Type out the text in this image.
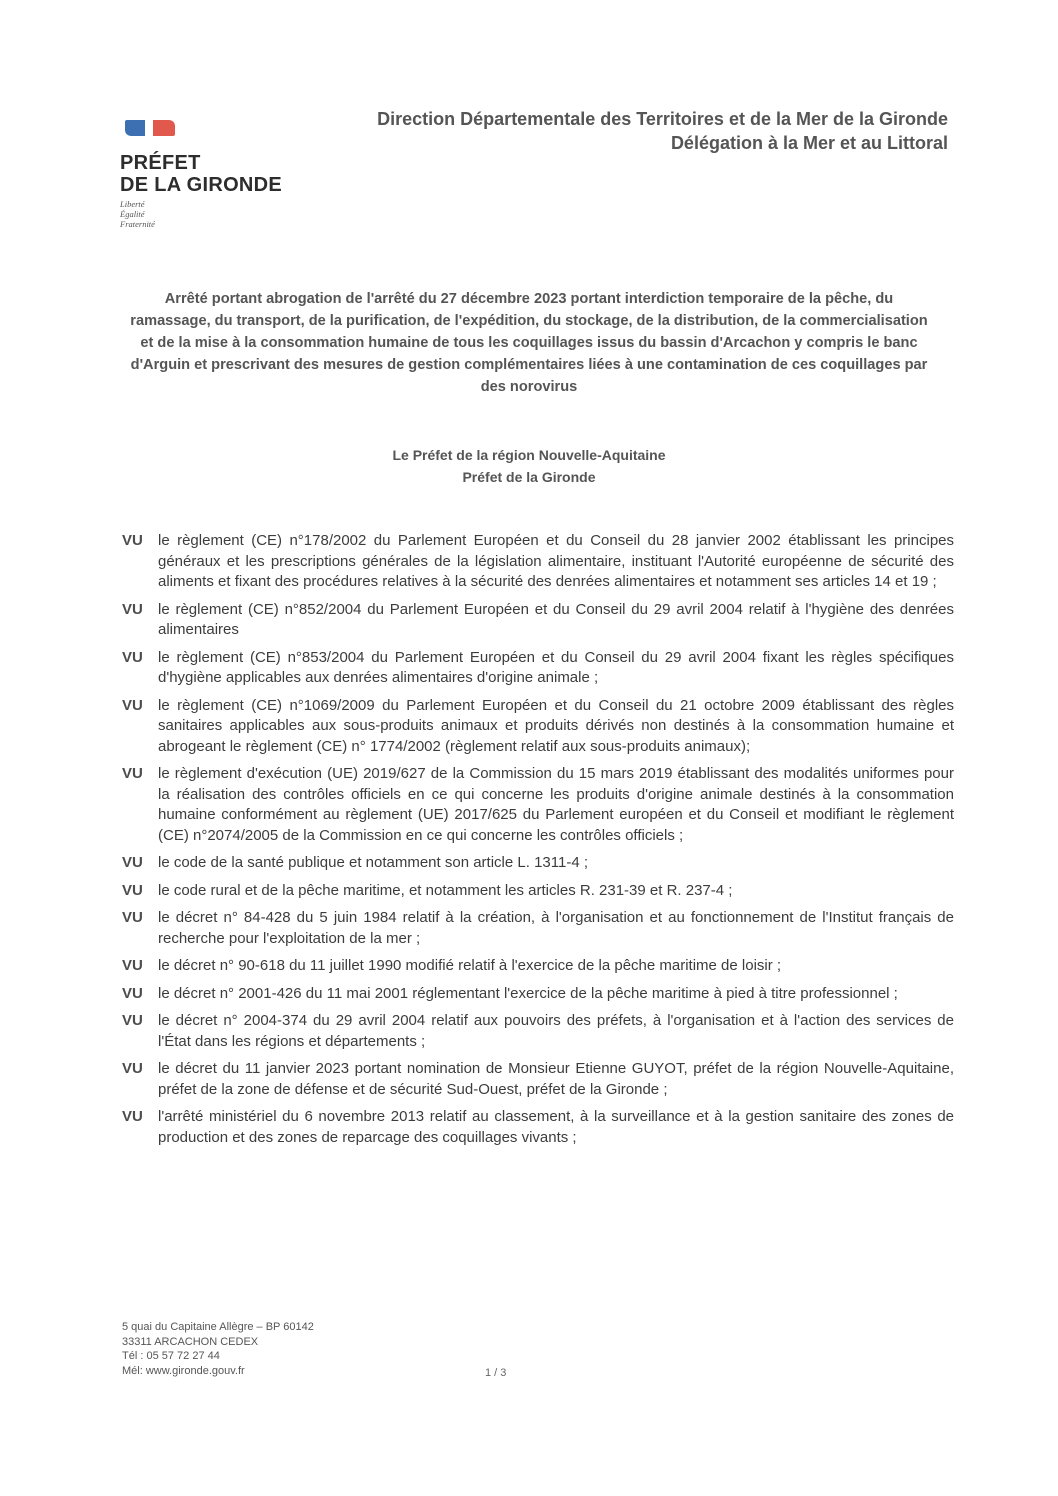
PRÉFET
DE LA GIRONDE
Liberté
Égalité
Fraternité
Direction Départementale des Territoires et de la Mer de la Gironde
Délégation à la Mer et au Littoral
Arrêté portant abrogation de l'arrêté du 27 décembre 2023 portant interdiction temporaire de la pêche, du ramassage, du transport, de la purification, de l'expédition, du stockage, de la distribution, de la commercialisation et de la mise à la consommation humaine de tous les coquillages issus du bassin d'Arcachon y compris le banc d'Arguin et prescrivant des mesures de gestion complémentaires liées à une contamination de ces coquillages par des norovirus
Le Préfet de la région Nouvelle-Aquitaine
Préfet de la Gironde
VU	le règlement (CE) n°178/2002 du Parlement Européen et du Conseil du 28 janvier 2002 établissant les principes généraux et les prescriptions générales de la législation alimentaire, instituant l'Autorité européenne de sécurité des aliments et fixant des procédures relatives à la sécurité des denrées alimentaires et notamment ses articles 14 et 19 ;
VU	le règlement (CE) n°852/2004 du Parlement Européen et du Conseil du 29 avril 2004 relatif à l'hygiène des denrées alimentaires
VU	le règlement (CE) n°853/2004 du Parlement Européen et du Conseil du 29 avril 2004 fixant les règles spécifiques d'hygiène applicables aux denrées alimentaires d'origine animale ;
VU	le règlement (CE) n°1069/2009 du Parlement Européen et du Conseil du 21 octobre 2009 établissant des règles sanitaires applicables aux sous-produits animaux et produits dérivés non destinés à la consommation humaine et abrogeant le règlement (CE) n° 1774/2002 (règlement relatif aux sous-produits animaux);
VU	le règlement d'exécution (UE) 2019/627 de la Commission du 15 mars 2019 établissant des modalités uniformes pour la réalisation des contrôles officiels en ce qui concerne les produits d'origine animale destinés à la consommation humaine conformément au règlement (UE) 2017/625 du Parlement européen et du Conseil et modifiant le règlement (CE) n°2074/2005 de la Commission en ce qui concerne les contrôles officiels ;
VU	le code de la santé publique et notamment son article L. 1311-4 ;
VU	le code rural et de la pêche maritime, et notamment les articles R. 231-39 et R. 237-4 ;
VU	le décret n° 84-428 du 5 juin 1984 relatif à la création, à l'organisation et au fonctionnement de l'Institut français de recherche pour l'exploitation de la mer ;
VU	le décret n° 90-618 du 11 juillet 1990 modifié relatif à l'exercice de la pêche maritime de loisir ;
VU	le décret n° 2001-426 du 11 mai 2001 réglementant l'exercice de la pêche maritime à pied à titre professionnel ;
VU	le décret n° 2004-374 du 29 avril 2004 relatif aux pouvoirs des préfets, à l'organisation et à l'action des services de l'État dans les régions et départements ;
VU	le décret du 11 janvier 2023 portant nomination de Monsieur Etienne GUYOT, préfet de la région Nouvelle-Aquitaine, préfet de la zone de défense et de sécurité Sud-Ouest, préfet de la Gironde ;
VU	l'arrêté ministériel du 6 novembre 2013 relatif au classement, à la surveillance et à la gestion sanitaire des zones de production et des zones de reparcage des coquillages vivants ;
5 quai du Capitaine Allègre – BP 60142
33311 ARCACHON CEDEX
Tél : 05 57 72 27 44
Mél: www.gironde.gouv.fr	1 / 3
